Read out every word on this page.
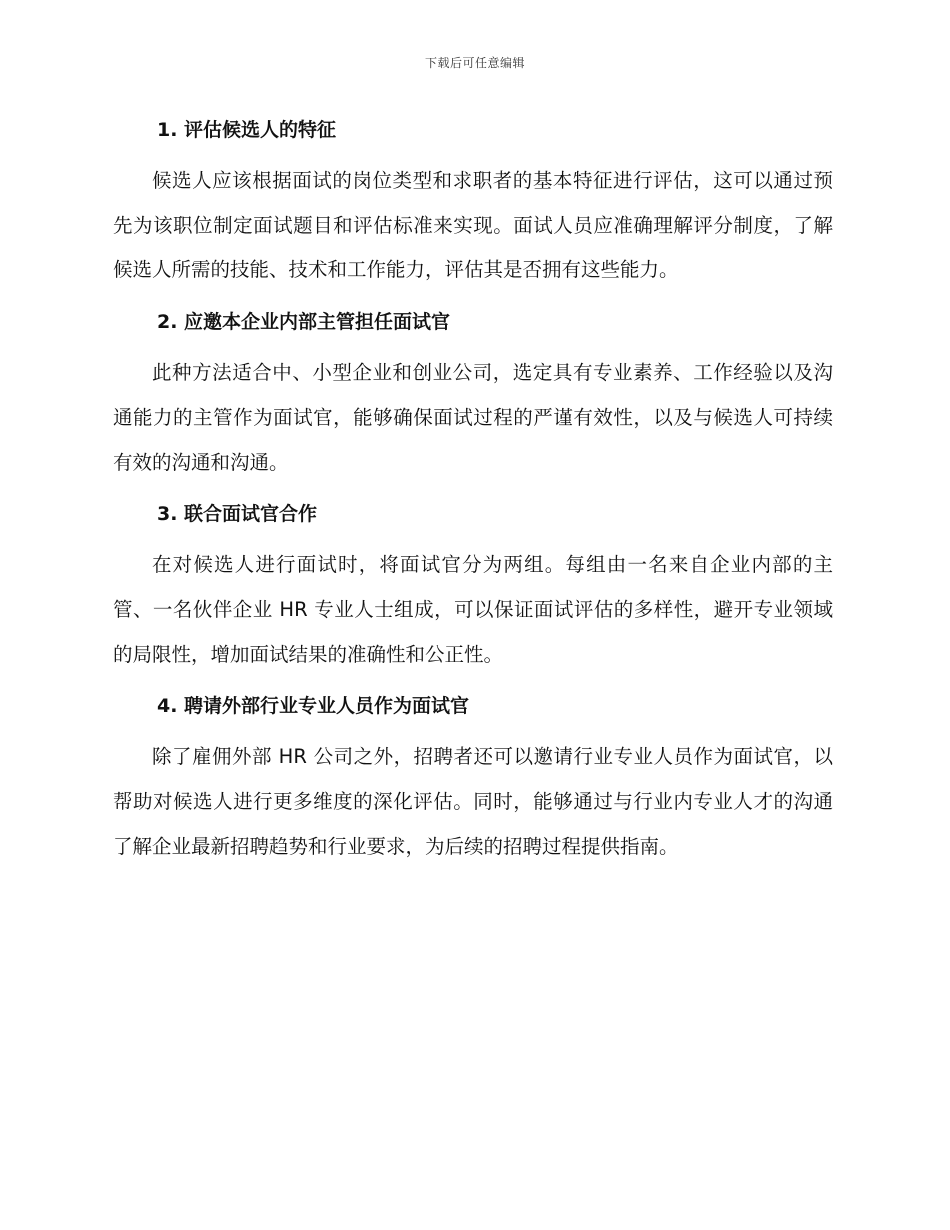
下载后可任意编辑
1. 评估候选人的特征

候选人应该根据面试的岗位类型和求职者的基本特征进行评估，这可以通过预先为该职位制定面试题目和评估标准来实现。面试人员应准确理解评分制度，了解候选人所需的技能、技术和工作能力，评估其是否拥有这些能力。

2. 应邀本企业内部主管担任面试官

此种方法适合中、小型企业和创业公司，选定具有专业素养、工作经验以及沟通能力的主管作为面试官，能够确保面试过程的严谨有效性，以及与候选人可持续有效的沟通和沟通。

3. 联合面试官合作

在对候选人进行面试时，将面试官分为两组。每组由一名来自企业内部的主管、一名伙伴企业 HR 专业人士组成，可以保证面试评估的多样性，避开专业领域的局限性，增加面试结果的准确性和公正性。

4. 聘请外部行业专业人员作为面试官

除了雇佣外部 HR 公司之外，招聘者还可以邀请行业专业人员作为面试官，以帮助对候选人进行更多维度的深化评估。同时，能够通过与行业内专业人才的沟通了解企业最新招聘趋势和行业要求，为后续的招聘过程提供指南。
